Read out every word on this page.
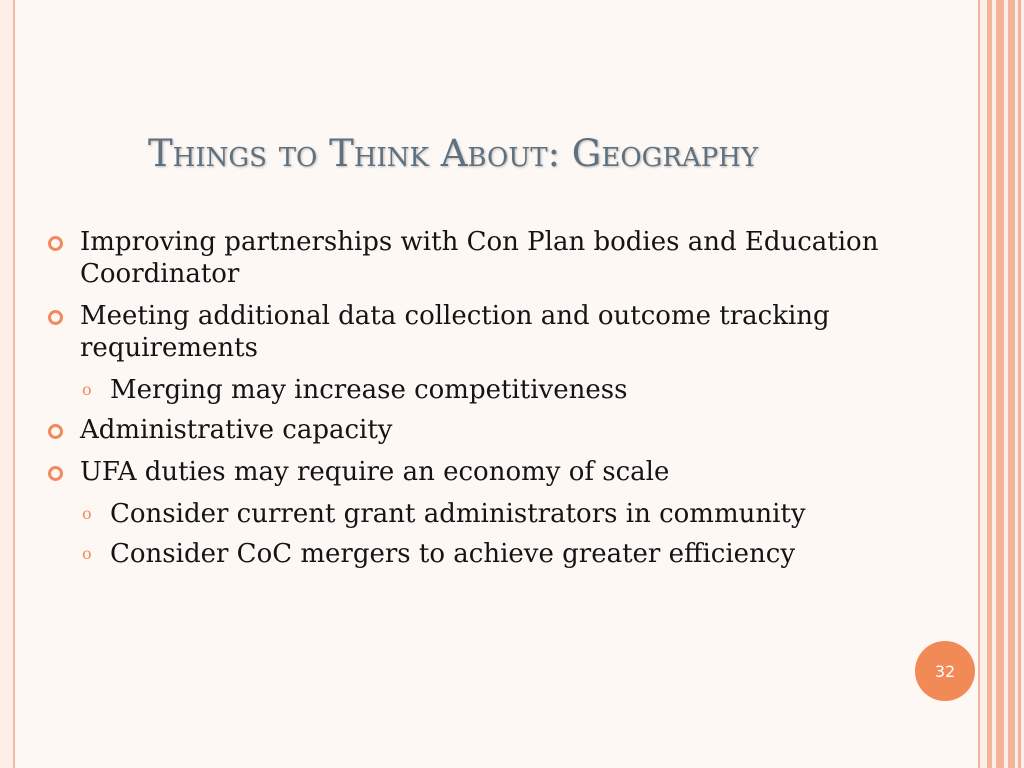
Things to Think About: Geography
Improving partnerships with Con Plan bodies and Education Coordinator
Meeting additional data collection and outcome tracking requirements
o Merging may increase competitiveness
Administrative capacity
UFA duties may require an economy of scale
o Consider current grant administrators in community
o Consider CoC mergers to achieve greater efficiency
32
